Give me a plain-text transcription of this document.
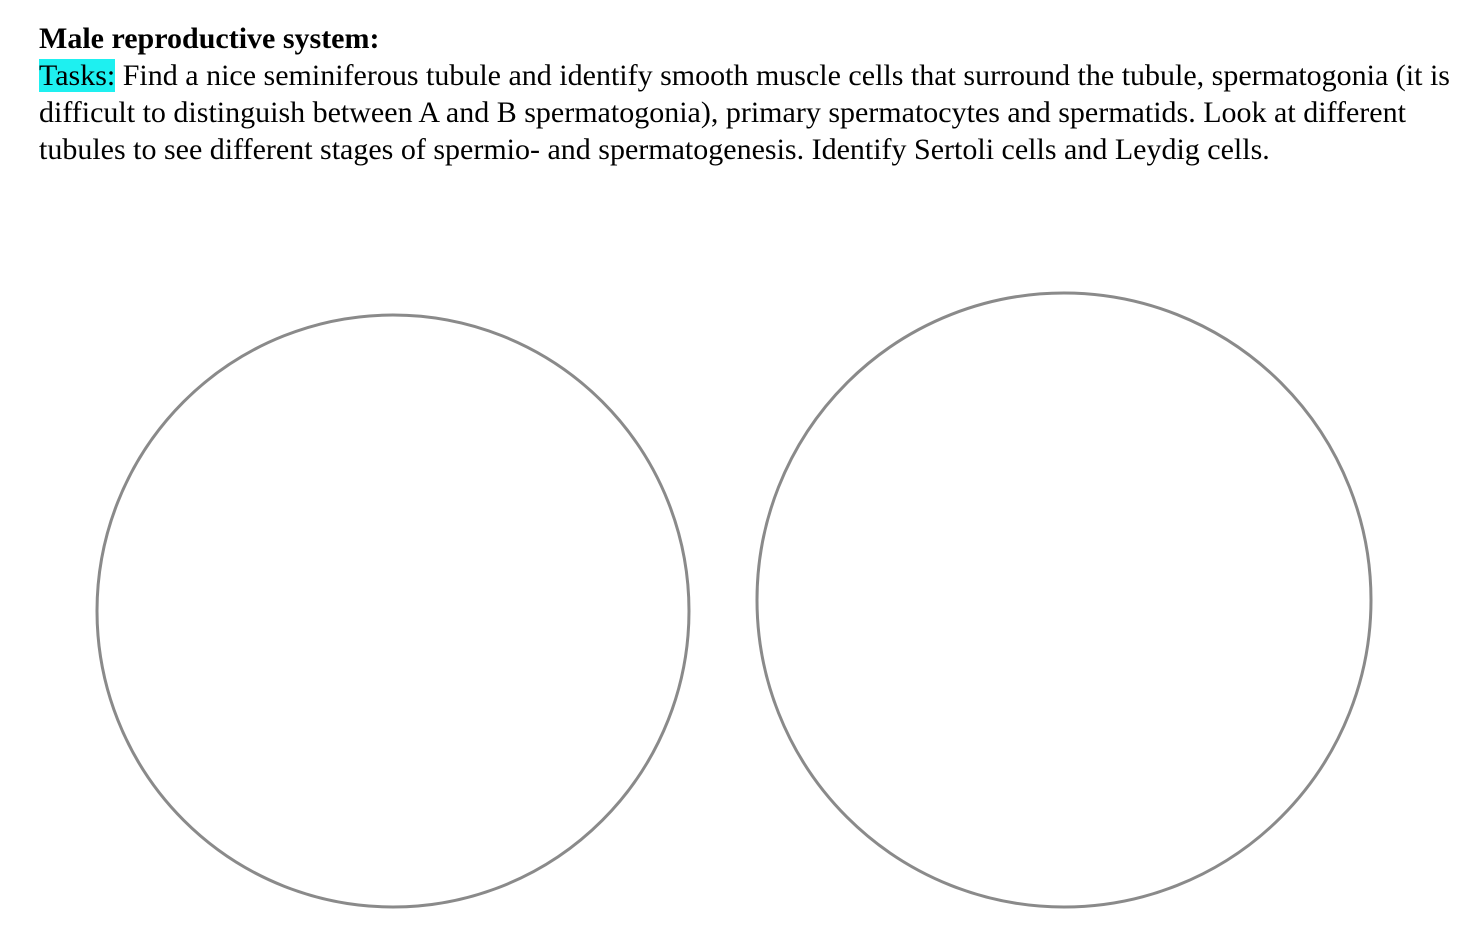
Male reproductive system:

Tasks: Find a nice seminiferous tubule and identify smooth muscle cells that surround the tubule, spermatogonia (it is difficult to distinguish between A and B spermatogonia), primary spermatocytes and spermatids. Look at different tubules to see different stages of spermio- and spermatogenesis. Identify Sertoli cells and Leydig cells.
